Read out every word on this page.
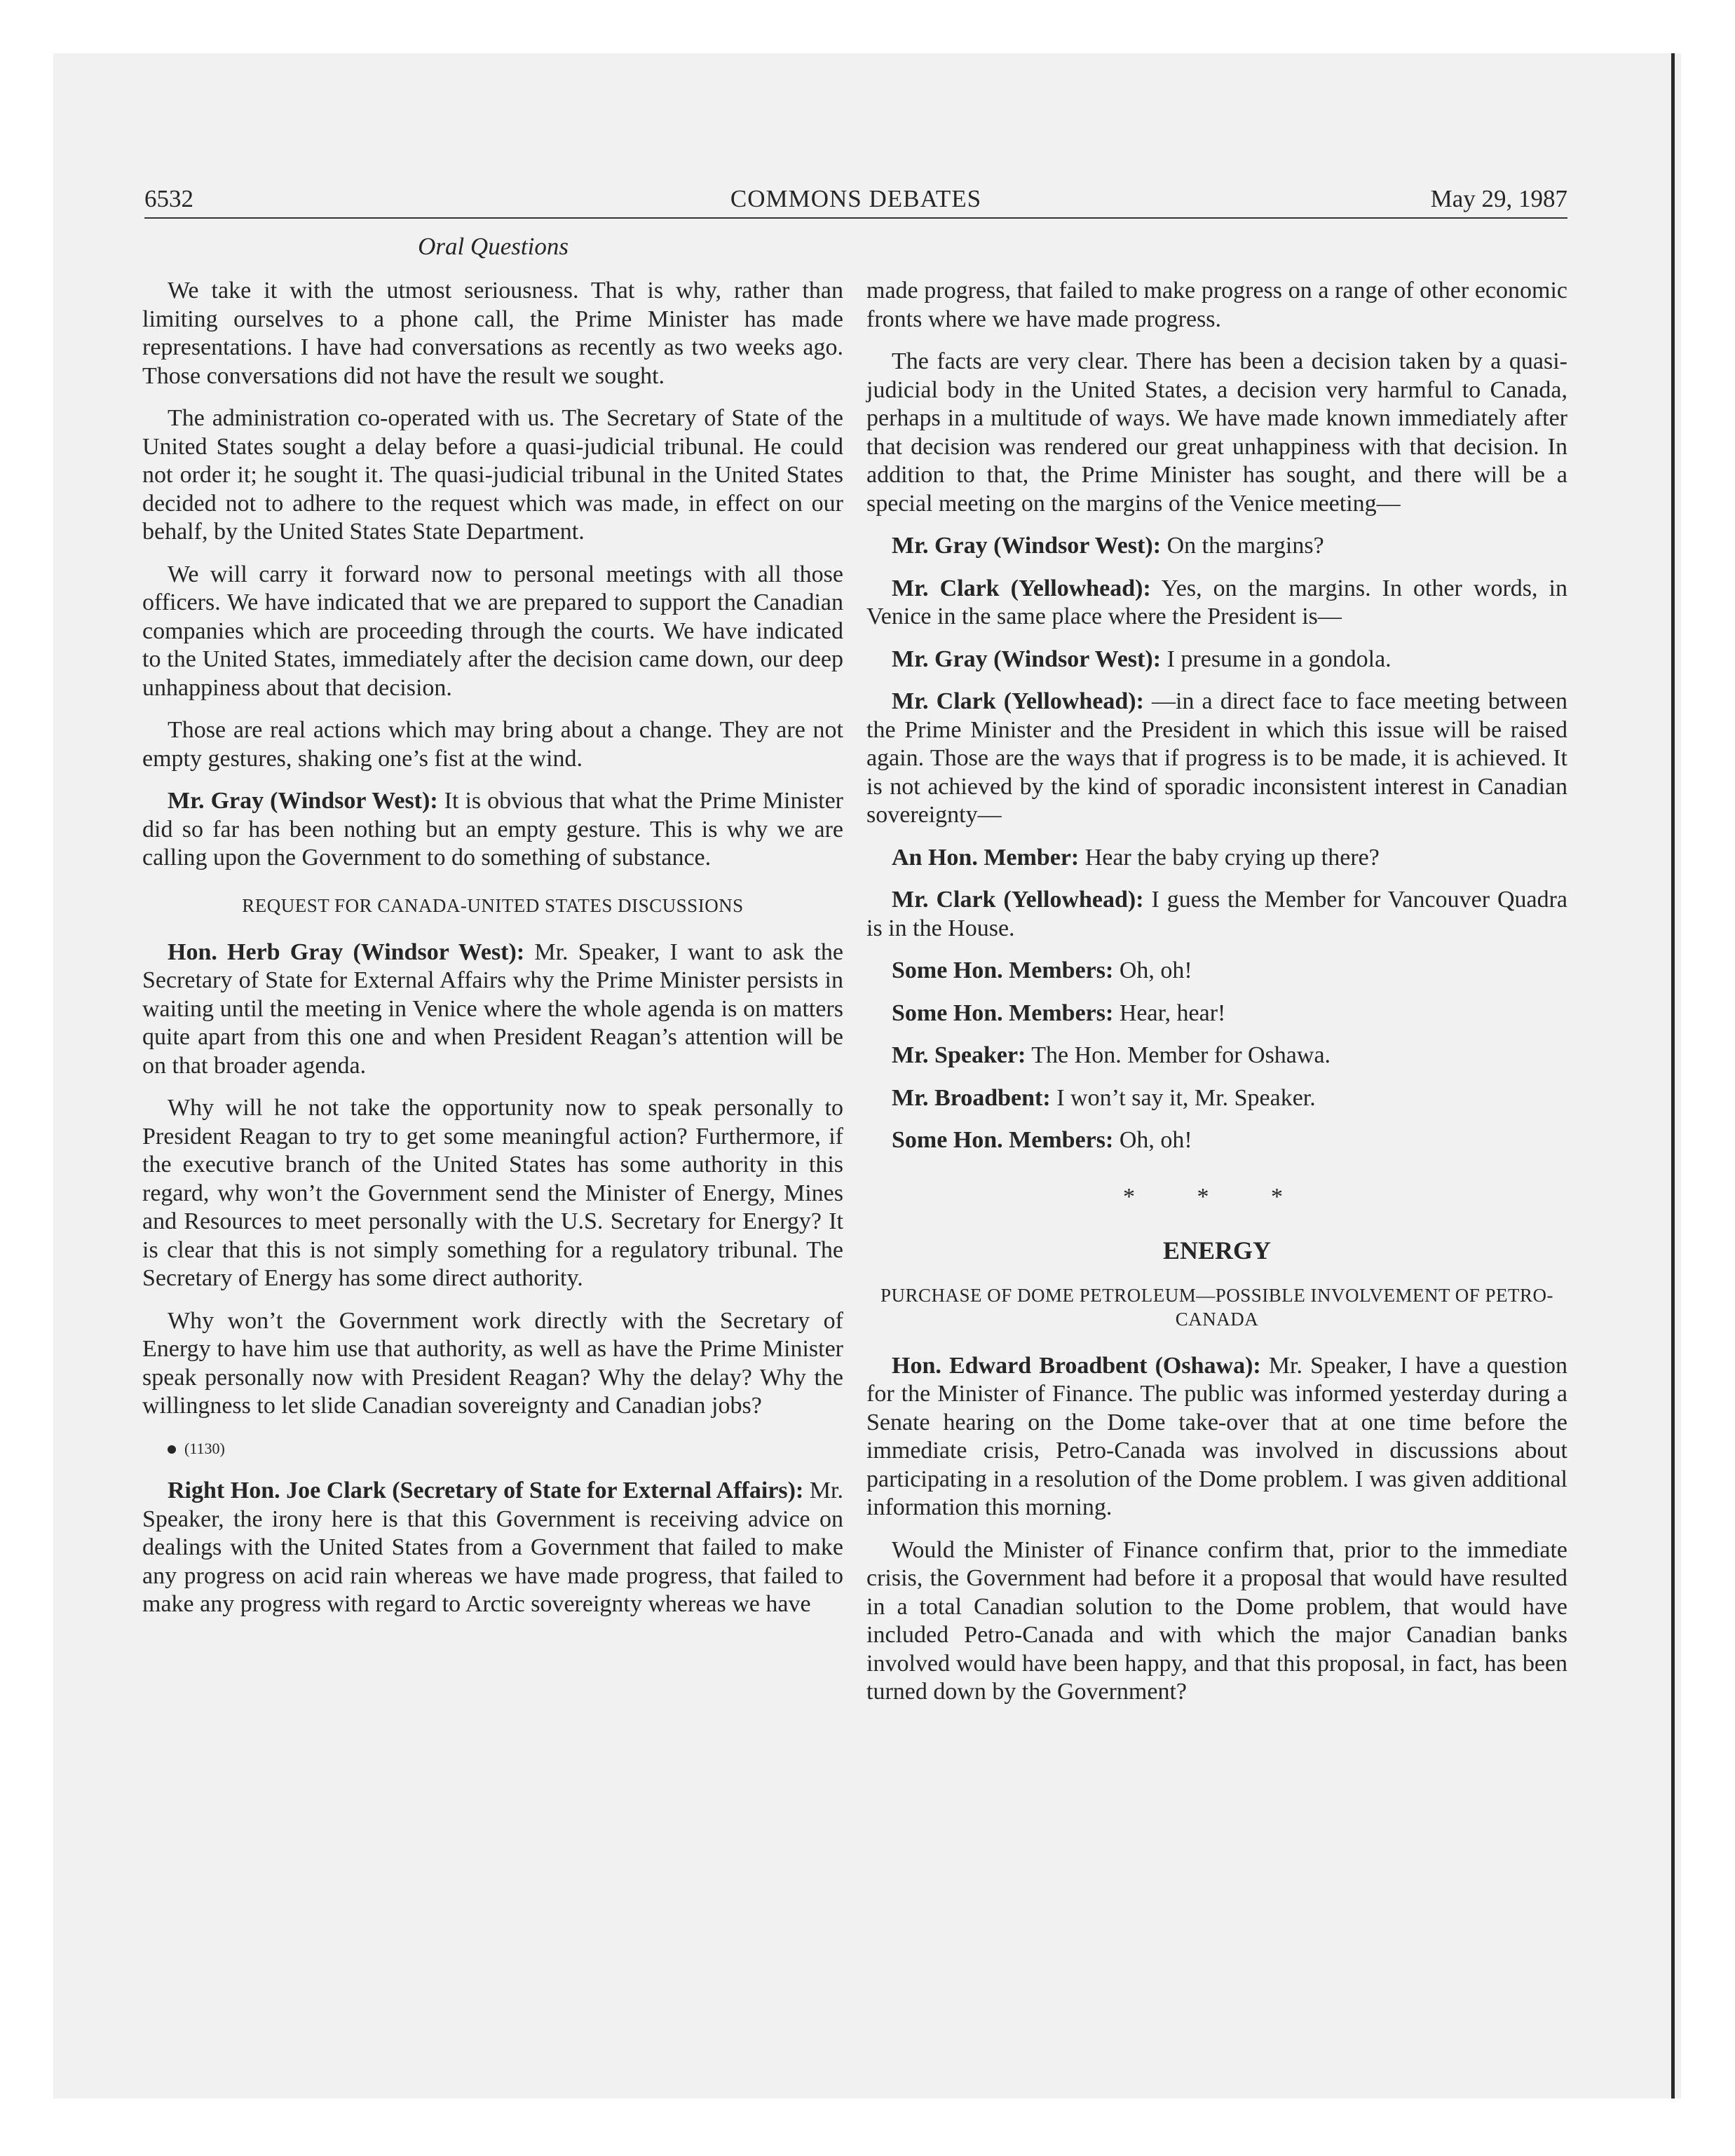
6532	COMMONS DEBATES	May 29, 1987
Oral Questions

We take it with the utmost seriousness. That is why, rather than limiting ourselves to a phone call, the Prime Minister has made representations. I have had conversations as recently as two weeks ago. Those conversations did not have the result we sought.

The administration co-operated with us. The Secretary of State of the United States sought a delay before a quasi-judicial tribunal. He could not order it; he sought it. The quasi-judicial tribunal in the United States decided not to adhere to the request which was made, in effect on our behalf, by the United States State Department.

We will carry it forward now to personal meetings with all those officers. We have indicated that we are prepared to support the Canadian companies which are proceeding through the courts. We have indicated to the United States, immediately after the decision came down, our deep unhappiness about that decision.

Those are real actions which may bring about a change. They are not empty gestures, shaking one’s fist at the wind.

Mr. Gray (Windsor West): It is obvious that what the Prime Minister did so far has been nothing but an empty gesture. This is why we are calling upon the Government to do something of substance.

REQUEST FOR CANADA-UNITED STATES DISCUSSIONS

Hon. Herb Gray (Windsor West): Mr. Speaker, I want to ask the Secretary of State for External Affairs why the Prime Minister persists in waiting until the meeting in Venice where the whole agenda is on matters quite apart from this one and when President Reagan’s attention will be on that broader agenda.

Why will he not take the opportunity now to speak personally to President Reagan to try to get some meaningful action? Furthermore, if the executive branch of the United States has some authority in this regard, why won’t the Government send the Minister of Energy, Mines and Resources to meet personally with the U.S. Secretary for Energy? It is clear that this is not simply something for a regulatory tribunal. The Secretary of Energy has some direct authority.

Why won’t the Government work directly with the Secretary of Energy to have him use that authority, as well as have the Prime Minister speak personally now with President Reagan? Why the delay? Why the willingness to let slide Canadian sovereignty and Canadian jobs?

(1130)

Right Hon. Joe Clark (Secretary of State for External Affairs): Mr. Speaker, the irony here is that this Government is receiving advice on dealings with the United States from a Government that failed to make any progress on acid rain whereas we have made progress, that failed to make any progress with regard to Arctic sovereignty whereas we have

made progress, that failed to make progress on a range of other economic fronts where we have made progress.

The facts are very clear. There has been a decision taken by a quasi-judicial body in the United States, a decision very harmful to Canada, perhaps in a multitude of ways. We have made known immediately after that decision was rendered our great unhappiness with that decision. In addition to that, the Prime Minister has sought, and there will be a special meeting on the margins of the Venice meeting—

Mr. Gray (Windsor West): On the margins?

Mr. Clark (Yellowhead): Yes, on the margins. In other words, in Venice in the same place where the President is—

Mr. Gray (Windsor West): I presume in a gondola.

Mr. Clark (Yellowhead): —in a direct face to face meeting between the Prime Minister and the President in which this issue will be raised again. Those are the ways that if progress is to be made, it is achieved. It is not achieved by the kind of sporadic inconsistent interest in Canadian sovereignty—

An Hon. Member: Hear the baby crying up there?

Mr. Clark (Yellowhead): I guess the Member for Vancouver Quadra is in the House.

Some Hon. Members: Oh, oh!

Some Hon. Members: Hear, hear!

Mr. Speaker: The Hon. Member for Oshawa.

Mr. Broadbent: I won’t say it, Mr. Speaker.

Some Hon. Members: Oh, oh!

* * *
ENERGY
PURCHASE OF DOME PETROLEUM—POSSIBLE INVOLVEMENT OF PETRO-CANADA

Hon. Edward Broadbent (Oshawa): Mr. Speaker, I have a question for the Minister of Finance. The public was informed yesterday during a Senate hearing on the Dome take-over that at one time before the immediate crisis, Petro-Canada was involved in discussions about participating in a resolution of the Dome problem. I was given additional information this morning.

Would the Minister of Finance confirm that, prior to the immediate crisis, the Government had before it a proposal that would have resulted in a total Canadian solution to the Dome problem, that would have included Petro-Canada and with which the major Canadian banks involved would have been happy, and that this proposal, in fact, has been turned down by the Government?
